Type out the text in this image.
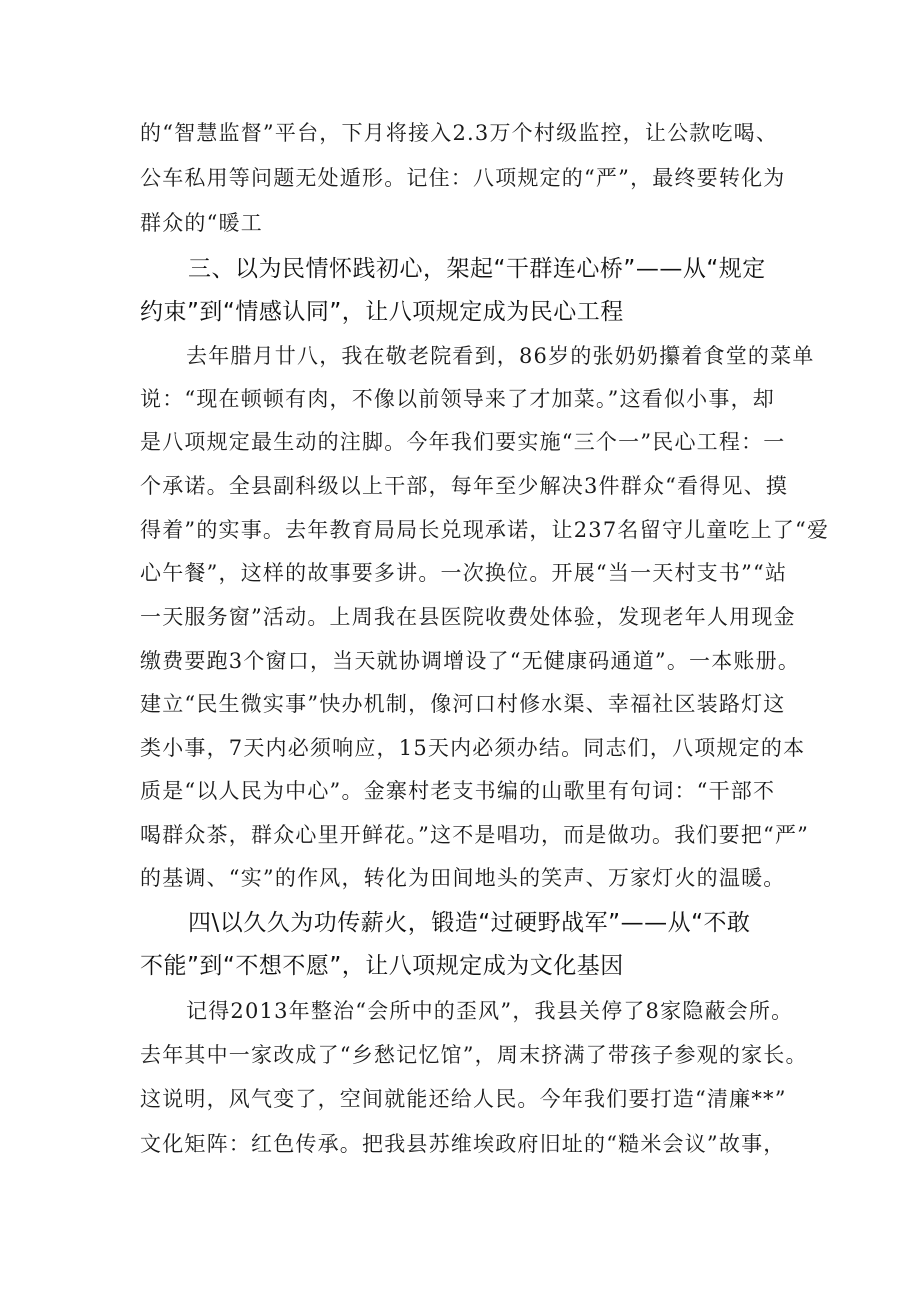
的“智慧监督”平台，下月将接入2.3万个村级监控，让公款吃喝、
公车私用等问题无处遁形。记住：八项规定的“严”，最终要转化为
群众的“暖工
三、以为民情怀践初心，架起“干群连心桥”——从“规定
约束”到“情感认同”，让八项规定成为民心工程
去年腊月廿八，我在敬老院看到，86岁的张奶奶攥着食堂的菜单
说：“现在顿顿有肉，不像以前领导来了才加菜。”这看似小事，却
是八项规定最生动的注脚。今年我们要实施“三个一”民心工程：一
个承诺。全县副科级以上干部，每年至少解决3件群众“看得见、摸
得着”的实事。去年教育局局长兑现承诺，让237名留守儿童吃上了“爱
心午餐”，这样的故事要多讲。一次换位。开展“当一天村支书”“站
一天服务窗”活动。上周我在县医院收费处体验，发现老年人用现金
缴费要跑3个窗口，当天就协调增设了“无健康码通道”。一本账册。
建立“民生微实事”快办机制，像河口村修水渠、幸福社区装路灯这
类小事，7天内必须响应，15天内必须办结。同志们，八项规定的本
质是“以人民为中心”。金寨村老支书编的山歌里有句词：“干部不
喝群众茶，群众心里开鲜花。”这不是唱功，而是做功。我们要把“严”
的基调、“实”的作风，转化为田间地头的笑声、万家灯火的温暖。
四\以久久为功传薪火，锻造“过硬野战军”——从“不敢
不能”到“不想不愿”，让八项规定成为文化基因
记得2013年整治“会所中的歪风”，我县关停了8家隐蔽会所。
去年其中一家改成了“乡愁记忆馆”，周末挤满了带孩子参观的家长。
这说明，风气变了，空间就能还给人民。今年我们要打造“清廉**”
文化矩阵：红色传承。把我县苏维埃政府旧址的“糙米会议”故事，
